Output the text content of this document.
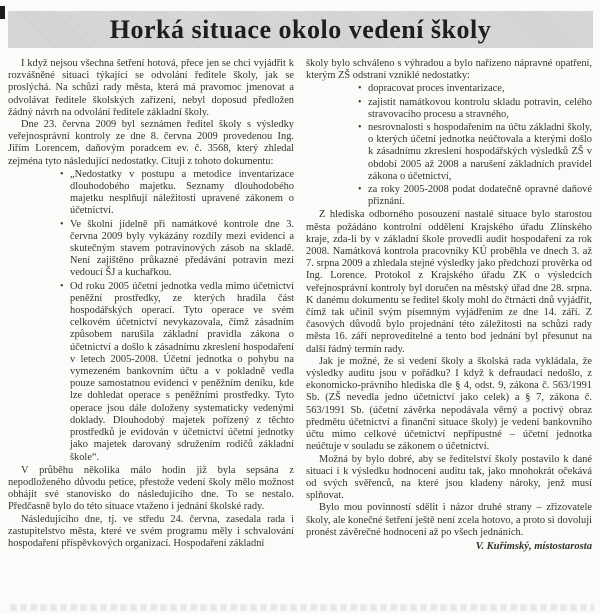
Horká situace okolo vedení školy

I když nejsou všechna šetření hotová, přece jen se chci vyjádřit k rozvášněné situaci týkající se odvolání ředitele školy, jak se proslýchá. Na schůzi rady města, která má pravomoc jmenovat a odvolávat ředitele školských zařízení, nebyl doposud předložen žádný návrh na odvolání ředitele základní školy.

Dne 23. června 2009 byl seznámen ředitel školy s výsledky veřejnosprávní kontroly ze dne 8. června 2009 provedenou Ing. Jiřím Lorencem, daňovým poradcem ev. č. 3568, který zhledal zejména tyto následující nedostatky. Cituji z tohoto dokumentu:

• „Nedostatky v postupu a metodice inventarizace dlouhodobého majetku. Seznamy dlouhodobého majetku nesplňují náležitosti upravené zákonem o účetnictví.
• Ve školní jídelně při namátkové kontrole dne 3. června 2009 byly vykázány rozdíly mezi evidencí a skutečným stavem potravinových zásob na skladě. Není zajištěno průkazné předávání potravin mezi vedoucí ŠJ a kuchařkou.
• Od roku 2005 účetní jednotka vedla mimo účetnictví peněžní prostředky, ze kterých hradila část hospodářských operací. Tyto operace ve svém celkovém účetnictví nevykazovala, čímž zásadním způsobem narušila základní pravidla zákona o účetnictví a došlo k zásadnímu zkreslení hospodaření v letech 2005-2008. Účetní jednotka o pohybu na vymezeném bankovním účtu a v pokladně vedla pouze samostatnou evidenci v peněžním deníku, kde lze dohledat operace s peněžními prostředky. Tyto operace jsou dále doloženy systematicky vedenými doklady. Dlouhodobý majetek pořízený z těchto prostředků je evidován v účetnictví účetní jednotky jako majetek darovaný sdružením rodičů základní škole“.

V průběhu několika málo hodin již byla sepsána z nepodloženého důvodu petice, přestože vedení školy mělo možnost obhájit své stanovisko do následujícího dne. To se nestalo. Předčasně bylo do této situace vtaženo i jednání školské rady.

Následujícího dne, tj. ve středu 24. června, zasedala rada i zastupitelstvo města, které ve svém programu měly i schvalování hospodaření příspěvkových organizací. Hospodaření základní

školy bylo schváleno s výhradou a bylo nařízeno nápravné opatření, kterým ZŠ odstraní vzniklé nedostatky:

• dopracovat proces inventarizace,
• zajistit namátkovou kontrolu skladu potravin, celého stravovacího procesu a stravného,
• nesrovnalosti s hospodařením na účtu základní školy, o kterých účetní jednotka neúčtovala a kterými došlo k zásadnímu zkreslení hospodářských výsledků ZŠ v období 2005 až 2008 a narušení základních pravidel zákona o účetnictví,
• za roky 2005-2008 podat dodatečně opravné daňové přiznání.

Z hlediska odborného posouzení nastalé situace bylo starostou města požádáno kontrolní oddělení Krajského úřadu Zlínského kraje, zda-li by v základní škole provedli audit hospodaření za rok 2008. Namátková kontrola pracovníky KÚ proběhla ve dnech 3. až 7. srpna 2009 a zhledala stejné výsledky jako předchozí prověrka od Ing. Lorence. Protokol z Krajského úřadu ZK o výsledcích veřejnosprávní kontroly byl doručen na městský úřad dne 28. srpna. K danému dokumentu se ředitel školy mohl do čtrnácti dnů vyjádřit, čímž tak učinil svým písemným vyjádřením ze dne 14. září. Z časových důvodů bylo projednání této záležitosti na schůzi rady města 16. září neproveditelné a tento bod jednání byl přesunut na další řádný termín rady.

Jak je možné, že si vedení školy a školská rada vykládala, že výsledky auditu jsou v pořádku? I když k defraudaci nedošlo, z ekonomicko-právního hlediska dle § 4, odst. 9, zákona č. 563/1991 Sb. (ZŠ nevedla jedno účetnictví jako celek) a § 7, zákona č. 563/1991 Sb. (účetní závěrka nepodávala věrný a poctivý obraz předmětu účetnictví a finanční situace školy) je vedení bankovního účtu mimo celkové účetnictví nepřípustné – účetní jednotka neúčtuje v souladu se zákonem o účetnictví.

Možná by bylo dobré, aby se ředitelství školy postavilo k dané situaci i k výsledku hodnocení auditu tak, jako mnohokrát očekává od svých svěřenců, na které jsou kladeny nároky, jenž musí splňovat.

Bylo mou povinností sdělit i názor druhé strany – zřizovatele školy, ale konečné šetření ještě není zcela hotovo, a proto si dovoluji pronést závěrečné hodnocení až po všech jednáních.

V. Kuřimský, místostarosta
